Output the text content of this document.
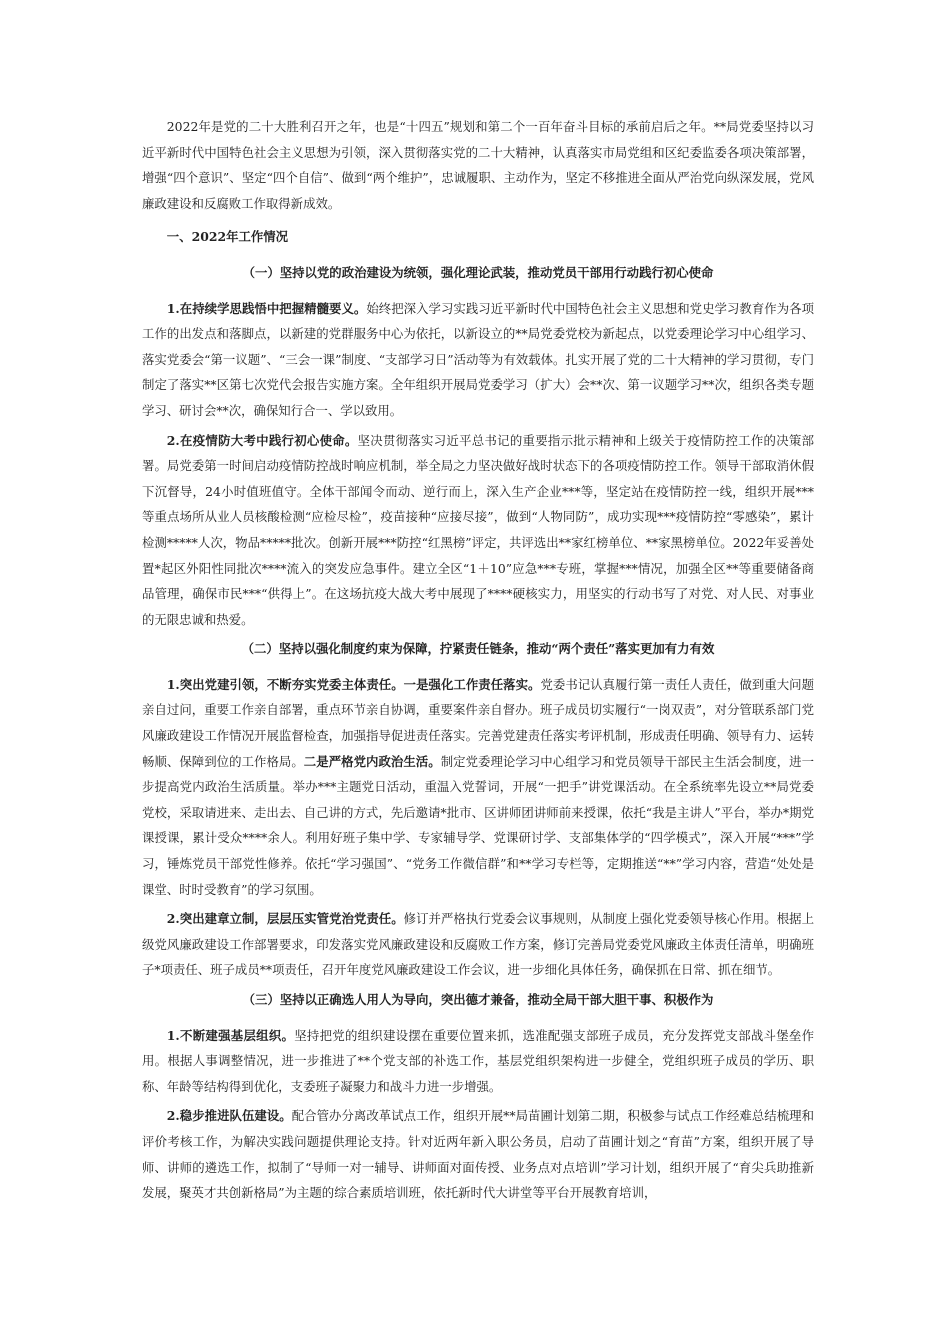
2022年是党的二十大胜利召开之年，也是“十四五”规划和第二个一百年奋斗目标的承前启后之年。**局党委坚持以习近平新时代中国特色社会主义思想为引领，深入贯彻落实党的二十大精神，认真落实市局党组和区纪委监委各项决策部署，增强“四个意识”、坚定“四个自信”、做到“两个维护”，忠诚履职、主动作为，坚定不移推进全面从严治党向纵深发展，党风廉政建设和反腐败工作取得新成效。

一、2022年工作情况

（一）坚持以党的政治建设为统领，强化理论武装，推动党员干部用行动践行初心使命

1.在持续学思践悟中把握精髓要义。始终把深入学习实践习近平新时代中国特色社会主义思想和党史学习教育作为各项工作的出发点和落脚点，以新建的党群服务中心为依托，以新设立的**局党委党校为新起点，以党委理论学习中心组学习、落实党委会“第一议题”、“三会一课”制度、“支部学习日”活动等为有效载体。扎实开展了党的二十大精神的学习贯彻，专门制定了落实**区第七次党代会报告实施方案。全年组织开展局党委学习（扩大）会**次、第一议题学习**次，组织各类专题学习、研讨会**次，确保知行合一、学以致用。

2.在疫情防大考中践行初心使命。坚决贯彻落实习近平总书记的重要指示批示精神和上级关于疫情防控工作的决策部署。局党委第一时间启动疫情防控战时响应机制，举全局之力坚决做好战时状态下的各项疫情防控工作。领导干部取消休假下沉督导，24小时值班值守。全体干部闻令而动、逆行而上，深入生产企业***等，坚定站在疫情防控一线，组织开展***等重点场所从业人员核酸检测“应检尽检”，疫苗接种“应接尽接”，做到“人物同防”，成功实现***疫情防控“零感染”，累计检测*****人次，物品*****批次。创新开展***防控“红黑榜”评定，共评选出**家红榜单位、**家黑榜单位。2022年妥善处置*起区外阳性同批次****流入的突发应急事件。建立全区“1＋10”应急***专班，掌握***情况，加强全区**等重要储备商品管理，确保市民***“供得上”。在这场抗疫大战大考中展现了****硬核实力，用坚实的行动书写了对党、对人民、对事业的无限忠诚和热爱。

（二）坚持以强化制度约束为保障，拧紧责任链条，推动“两个责任”落实更加有力有效

1.突出党建引领，不断夯实党委主体责任。一是强化工作责任落实。党委书记认真履行第一责任人责任，做到重大问题亲自过问，重要工作亲自部署，重点环节亲自协调，重要案件亲自督办。班子成员切实履行“一岗双责”，对分管联系部门党风廉政建设工作情况开展监督检查，加强指导促进责任落实。完善党建责任落实考评机制，形成责任明确、领导有力、运转畅顺、保障到位的工作格局。二是严格党内政治生活。制定党委理论学习中心组学习和党员领导干部民主生活会制度，进一步提高党内政治生活质量。举办***主题党日活动，重温入党誓词，开展“一把手”讲党课活动。在全系统率先设立**局党委党校，采取请进来、走出去、自己讲的方式，先后邀请*批市、区讲师团讲师前来授课，依托“我是主讲人”平台，举办*期党课授课，累计受众****余人。利用好班子集中学、专家辅导学、党课研讨学、支部集体学的“四学模式”，深入开展“***”学习，锤炼党员干部党性修养。依托“学习强国”、“党务工作微信群”和**学习专栏等，定期推送“**”学习内容，营造“处处是课堂、时时受教育”的学习氛围。

2.突出建章立制，层层压实管党治党责任。修订并严格执行党委会议事规则，从制度上强化党委领导核心作用。根据上级党风廉政建设工作部署要求，印发落实党风廉政建设和反腐败工作方案，修订完善局党委党风廉政主体责任清单，明确班子*项责任、班子成员**项责任，召开年度党风廉政建设工作会议，进一步细化具体任务，确保抓在日常、抓在细节。

（三）坚持以正确选人用人为导向，突出德才兼备，推动全局干部大胆干事、积极作为

1.不断建强基层组织。坚持把党的组织建设摆在重要位置来抓，选准配强支部班子成员，充分发挥党支部战斗堡垒作用。根据人事调整情况，进一步推进了**个党支部的补选工作，基层党组织架构进一步健全，党组织班子成员的学历、职称、年龄等结构得到优化，支委班子凝聚力和战斗力进一步增强。

2.稳步推进队伍建设。配合管办分离改革试点工作，组织开展**局苗圃计划第二期，积极参与试点工作经难总结梳理和评价考核工作，为解决实践问题提供理论支持。针对近两年新入职公务员，启动了苗圃计划之“育苗”方案，组织开展了导师、讲师的遴选工作，拟制了“导师一对一辅导、讲师面对面传授、业务点对点培训”学习计划，组织开展了“育尖兵助推新发展，聚英才共创新格局”为主题的综合素质培训班，依托新时代大讲堂等平台开展教育培训，
